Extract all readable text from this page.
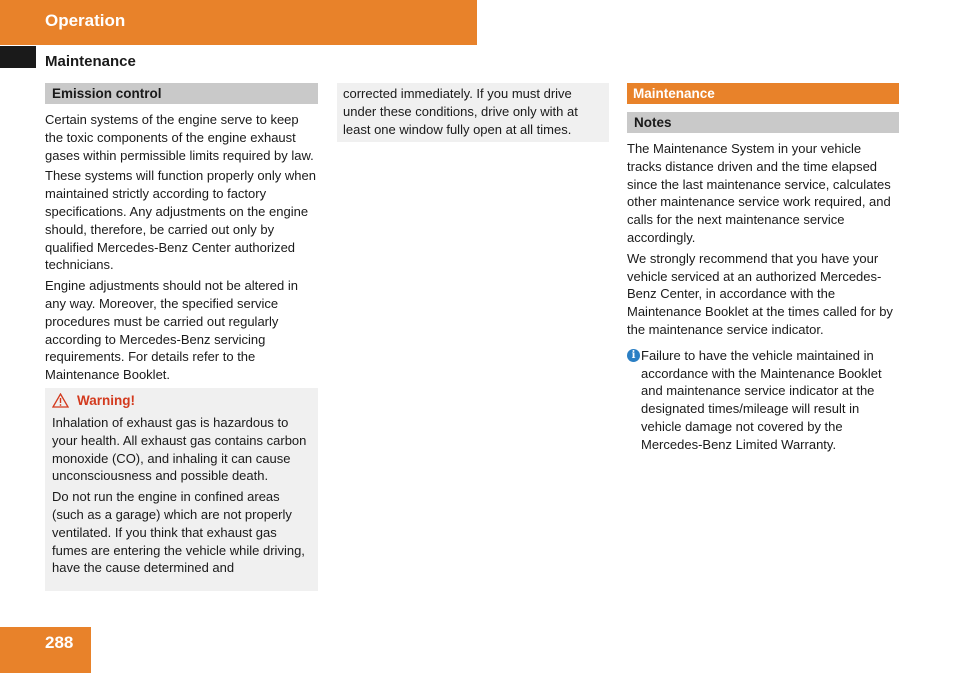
Operation
Maintenance
Emission control

Certain systems of the engine serve to keep the toxic components of the engine exhaust gases within permissible limits required by law.

These systems will function properly only when maintained strictly according to factory specifications. Any adjustments on the engine should, therefore, be carried out only by qualified Mercedes-Benz Center authorized technicians.

Engine adjustments should not be altered in any way. Moreover, the specified service procedures must be carried out regularly according to Mercedes-Benz servicing requirements. For details refer to the Maintenance Booklet.

Warning!

Inhalation of exhaust gas is hazardous to your health. All exhaust gas contains carbon monoxide (CO), and inhaling it can cause unconsciousness and possible death.

Do not run the engine in confined areas (such as a garage) which are not properly ventilated. If you think that exhaust gas fumes are entering the vehicle while driving, have the cause determined and

corrected immediately. If you must drive under these conditions, drive only with at least one window fully open at all times.

Maintenance
Notes

The Maintenance System in your vehicle tracks distance driven and the time elapsed since the last maintenance service, calculates other maintenance service work required, and calls for the next maintenance service accordingly.

We strongly recommend that you have your vehicle serviced at an authorized Mercedes-Benz Center, in accordance with the Maintenance Booklet at the times called for by the maintenance service indicator.

i Failure to have the vehicle maintained in accordance with the Maintenance Booklet and maintenance service indicator at the designated times/mileage will result in vehicle damage not covered by the Mercedes-Benz Limited Warranty.
288
